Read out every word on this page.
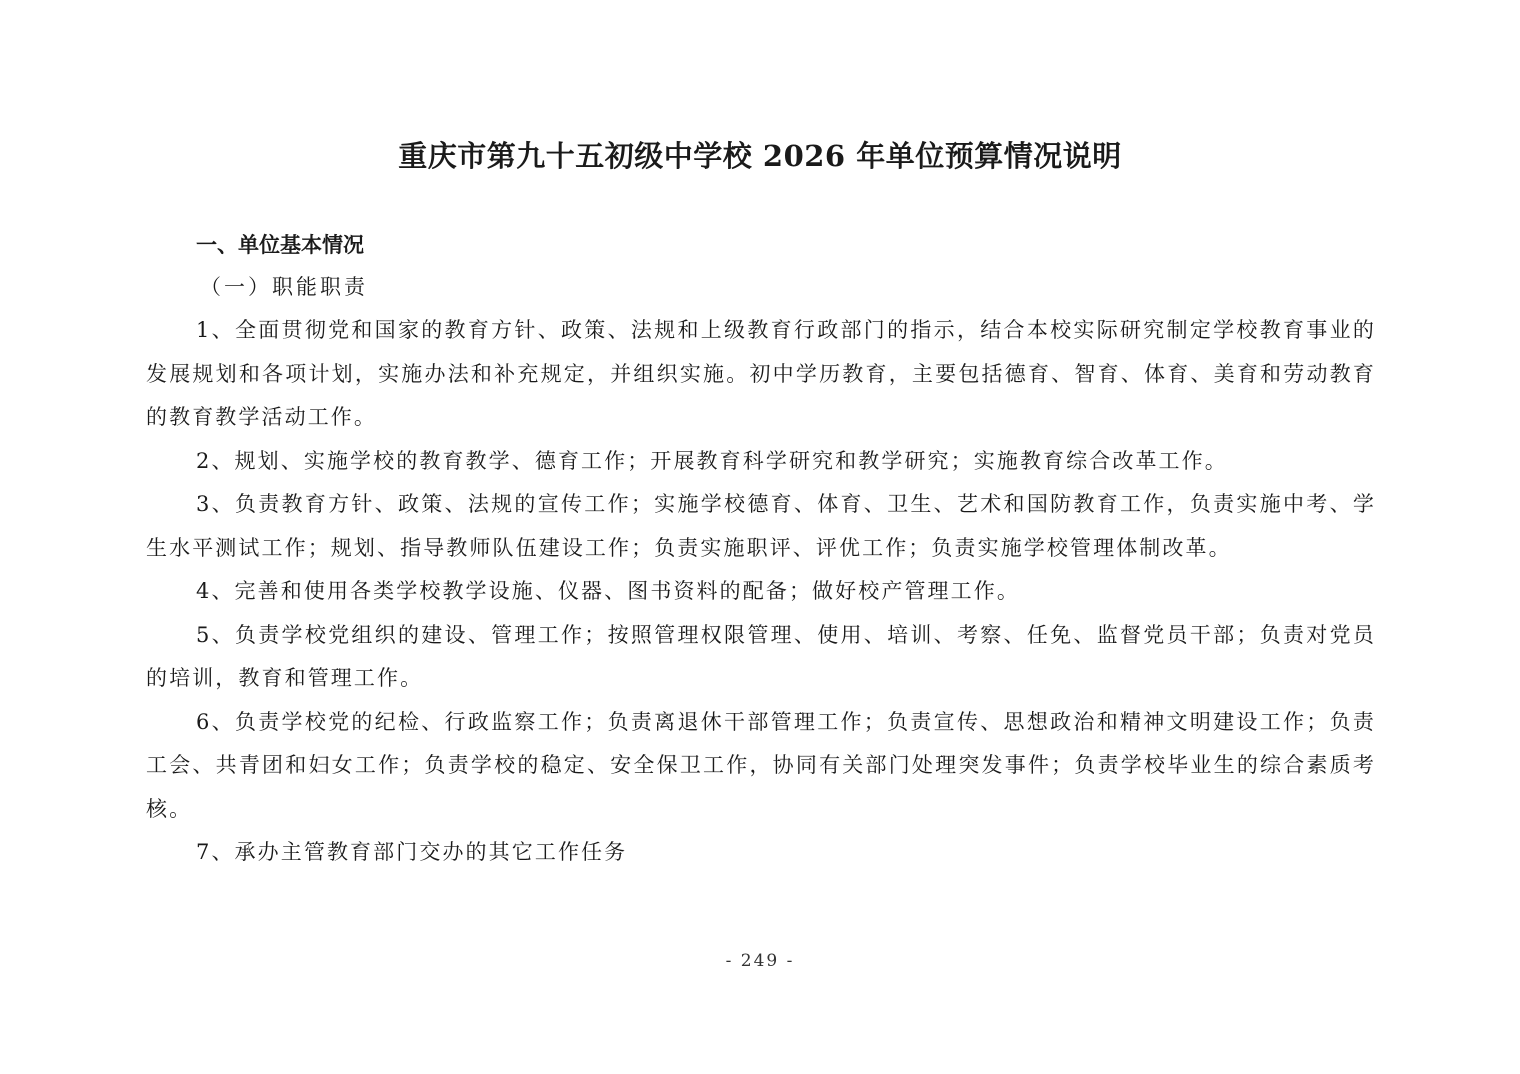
重庆市第九十五初级中学校 2026 年单位预算情况说明

一、单位基本情况

（一）职能职责

1、全面贯彻党和国家的教育方针、政策、法规和上级教育行政部门的指示，结合本校实际研究制定学校教育事业的发展规划和各项计划，实施办法和补充规定，并组织实施。初中学历教育，主要包括德育、智育、体育、美育和劳动教育的教育教学活动工作。

2、规划、实施学校的教育教学、德育工作；开展教育科学研究和教学研究；实施教育综合改革工作。

3、负责教育方针、政策、法规的宣传工作；实施学校德育、体育、卫生、艺术和国防教育工作，负责实施中考、学生水平测试工作；规划、指导教师队伍建设工作；负责实施职评、评优工作；负责实施学校管理体制改革。

4、完善和使用各类学校教学设施、仪器、图书资料的配备；做好校产管理工作。

5、负责学校党组织的建设、管理工作；按照管理权限管理、使用、培训、考察、任免、监督党员干部；负责对党员的培训，教育和管理工作。

6、负责学校党的纪检、行政监察工作；负责离退休干部管理工作；负责宣传、思想政治和精神文明建设工作；负责工会、共青团和妇女工作；负责学校的稳定、安全保卫工作，协同有关部门处理突发事件；负责学校毕业生的综合素质考核。

7、承办主管教育部门交办的其它工作任务

- 249 -
